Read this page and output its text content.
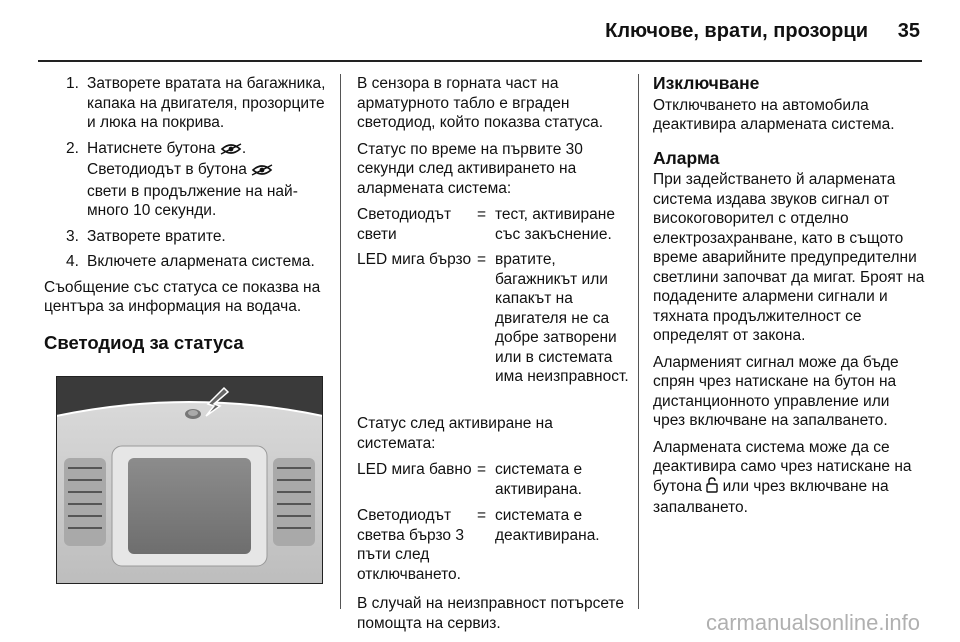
Ключове, врати, прозорци 35
1. Затворете вратата на багажника, капака на двигателя, прозорците и люка на покрива.
2. Натиснете бутона .
Светодиодът в бутона
свети в продължение на най-много 10 секунди.
3. Затворете вратите.
4. Включете алармената система.

Съобщение със статуса се показва на центъра за информация на водача.

Светодиод за статуса

В сензора в горната част на арматурното табло е вграден светодиод, който показва статуса.

Статус по време на първите 30 секунди след активирането на алармената система:

Светодиодът свети
= тест, активиране със закъснение.
LED мига бързо = вратите, багажникът или капакът на двигателя не са добре затворени или в системата има неизправност.

Статус след активиране на системата:

LED мига бавно = системата е активирана.
Светодиодът светва бързо 3 пъти след отключването.
= системата е деактивирана.

В случай на неизправност потърсете помощта на сервиз.

Изключване

Отключването на автомобила деактивира алармената система.

Аларма

При задействането й алармената система издава звуков сигнал от високоговорител с отделно електрозахранване, като в същото време аварийните предупредителни светлини започват да мигат. Броят на подадените алармени сигнали и тяхната продължителност се определят от закона.

Алармeният сигнал може да бъде спрян чрез натискане на бутон на дистанционното управление или чрез включване на запалването.

Алармената система може да се деактивира само чрез натискане на бутона или чрез включване на запалването.

carmanualsonline.info
